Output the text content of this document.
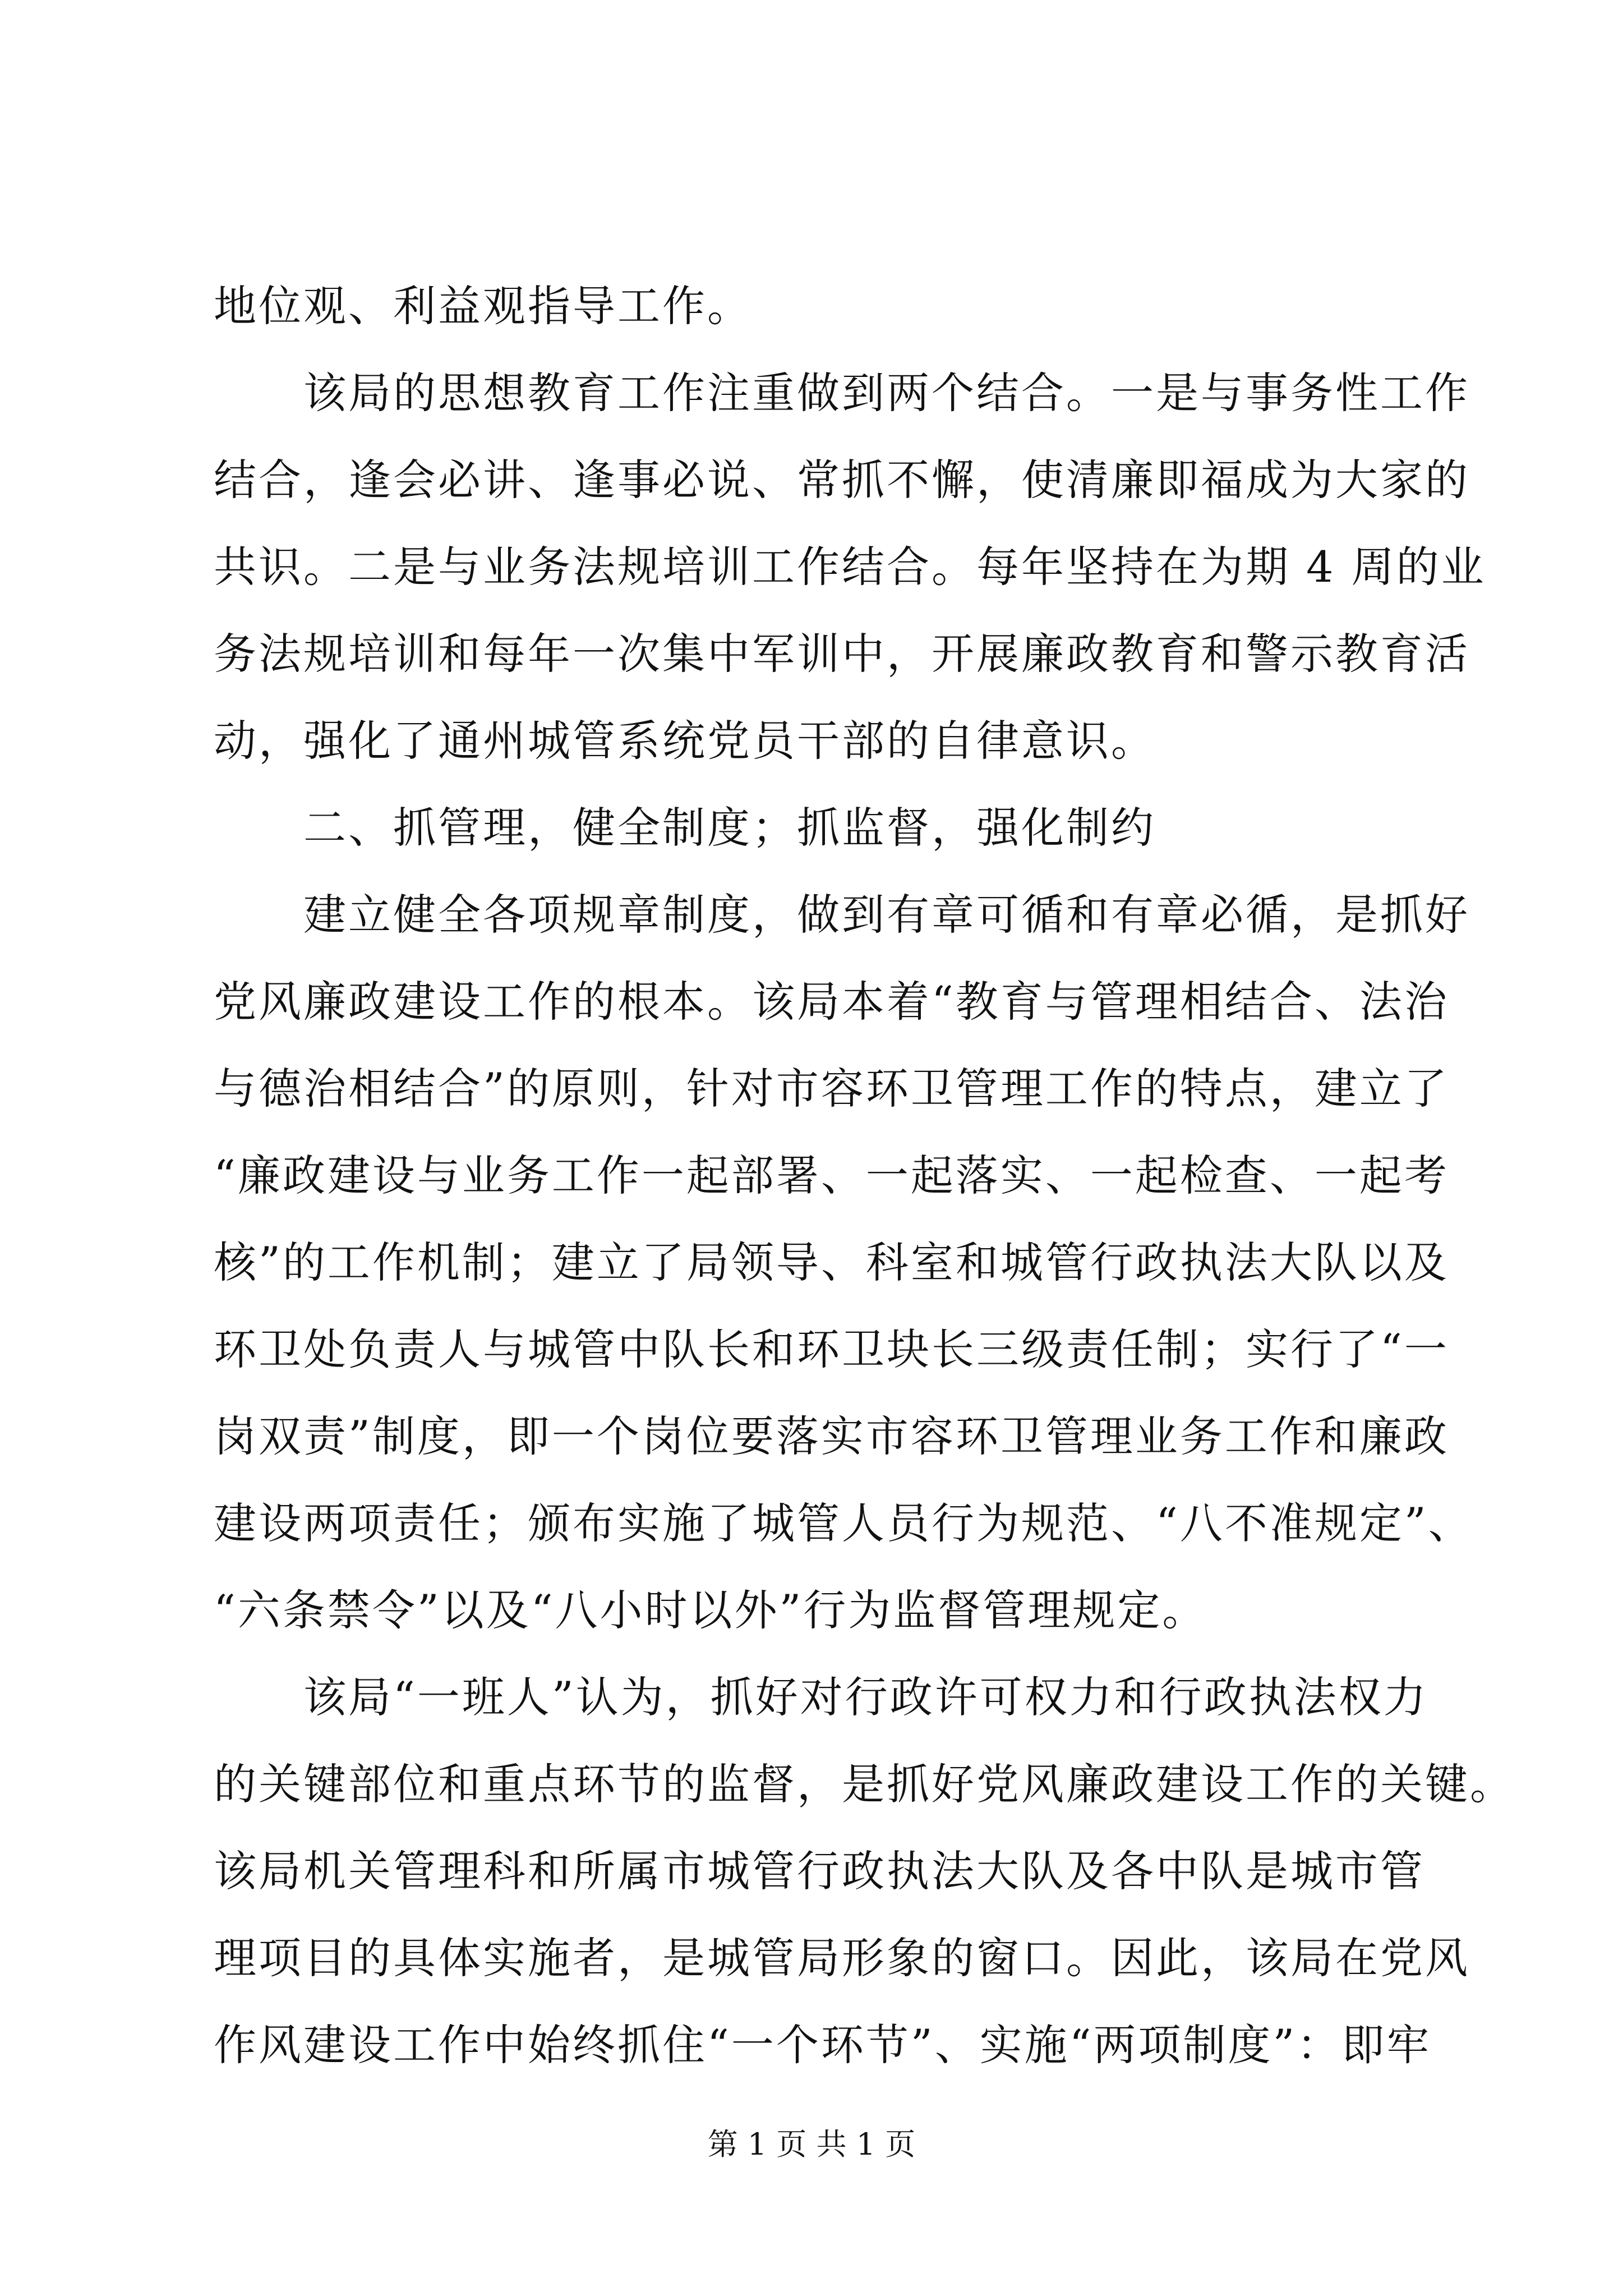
地位观、利益观指导工作。
　　该局的思想教育工作注重做到两个结合。一是与事务性工作
结合，逢会必讲、逢事必说、常抓不懈，使清廉即福成为大家的
共识。二是与业务法规培训工作结合。每年坚持在为期 4 周的业
务法规培训和每年一次集中军训中，开展廉政教育和警示教育活
动，强化了通州城管系统党员干部的自律意识。
　　二、抓管理，健全制度；抓监督，强化制约
　　建立健全各项规章制度，做到有章可循和有章必循，是抓好
党风廉政建设工作的根本。该局本着“教育与管理相结合、法治
与德治相结合”的原则，针对市容环卫管理工作的特点，建立了
“廉政建设与业务工作一起部署、一起落实、一起检查、一起考
核”的工作机制；建立了局领导、科室和城管行政执法大队以及
环卫处负责人与城管中队长和环卫块长三级责任制；实行了“一
岗双责”制度，即一个岗位要落实市容环卫管理业务工作和廉政
建设两项责任；颁布实施了城管人员行为规范、“八不准规定”、
“六条禁令”以及“八小时以外”行为监督管理规定。
　　该局“一班人”认为，抓好对行政许可权力和行政执法权力
的关键部位和重点环节的监督，是抓好党风廉政建设工作的关键。
该局机关管理科和所属市城管行政执法大队及各中队是城市管
理项目的具体实施者，是城管局形象的窗口。因此，该局在党风
作风建设工作中始终抓住“一个环节”、实施“两项制度”：即牢
第 1 页 共 1 页
